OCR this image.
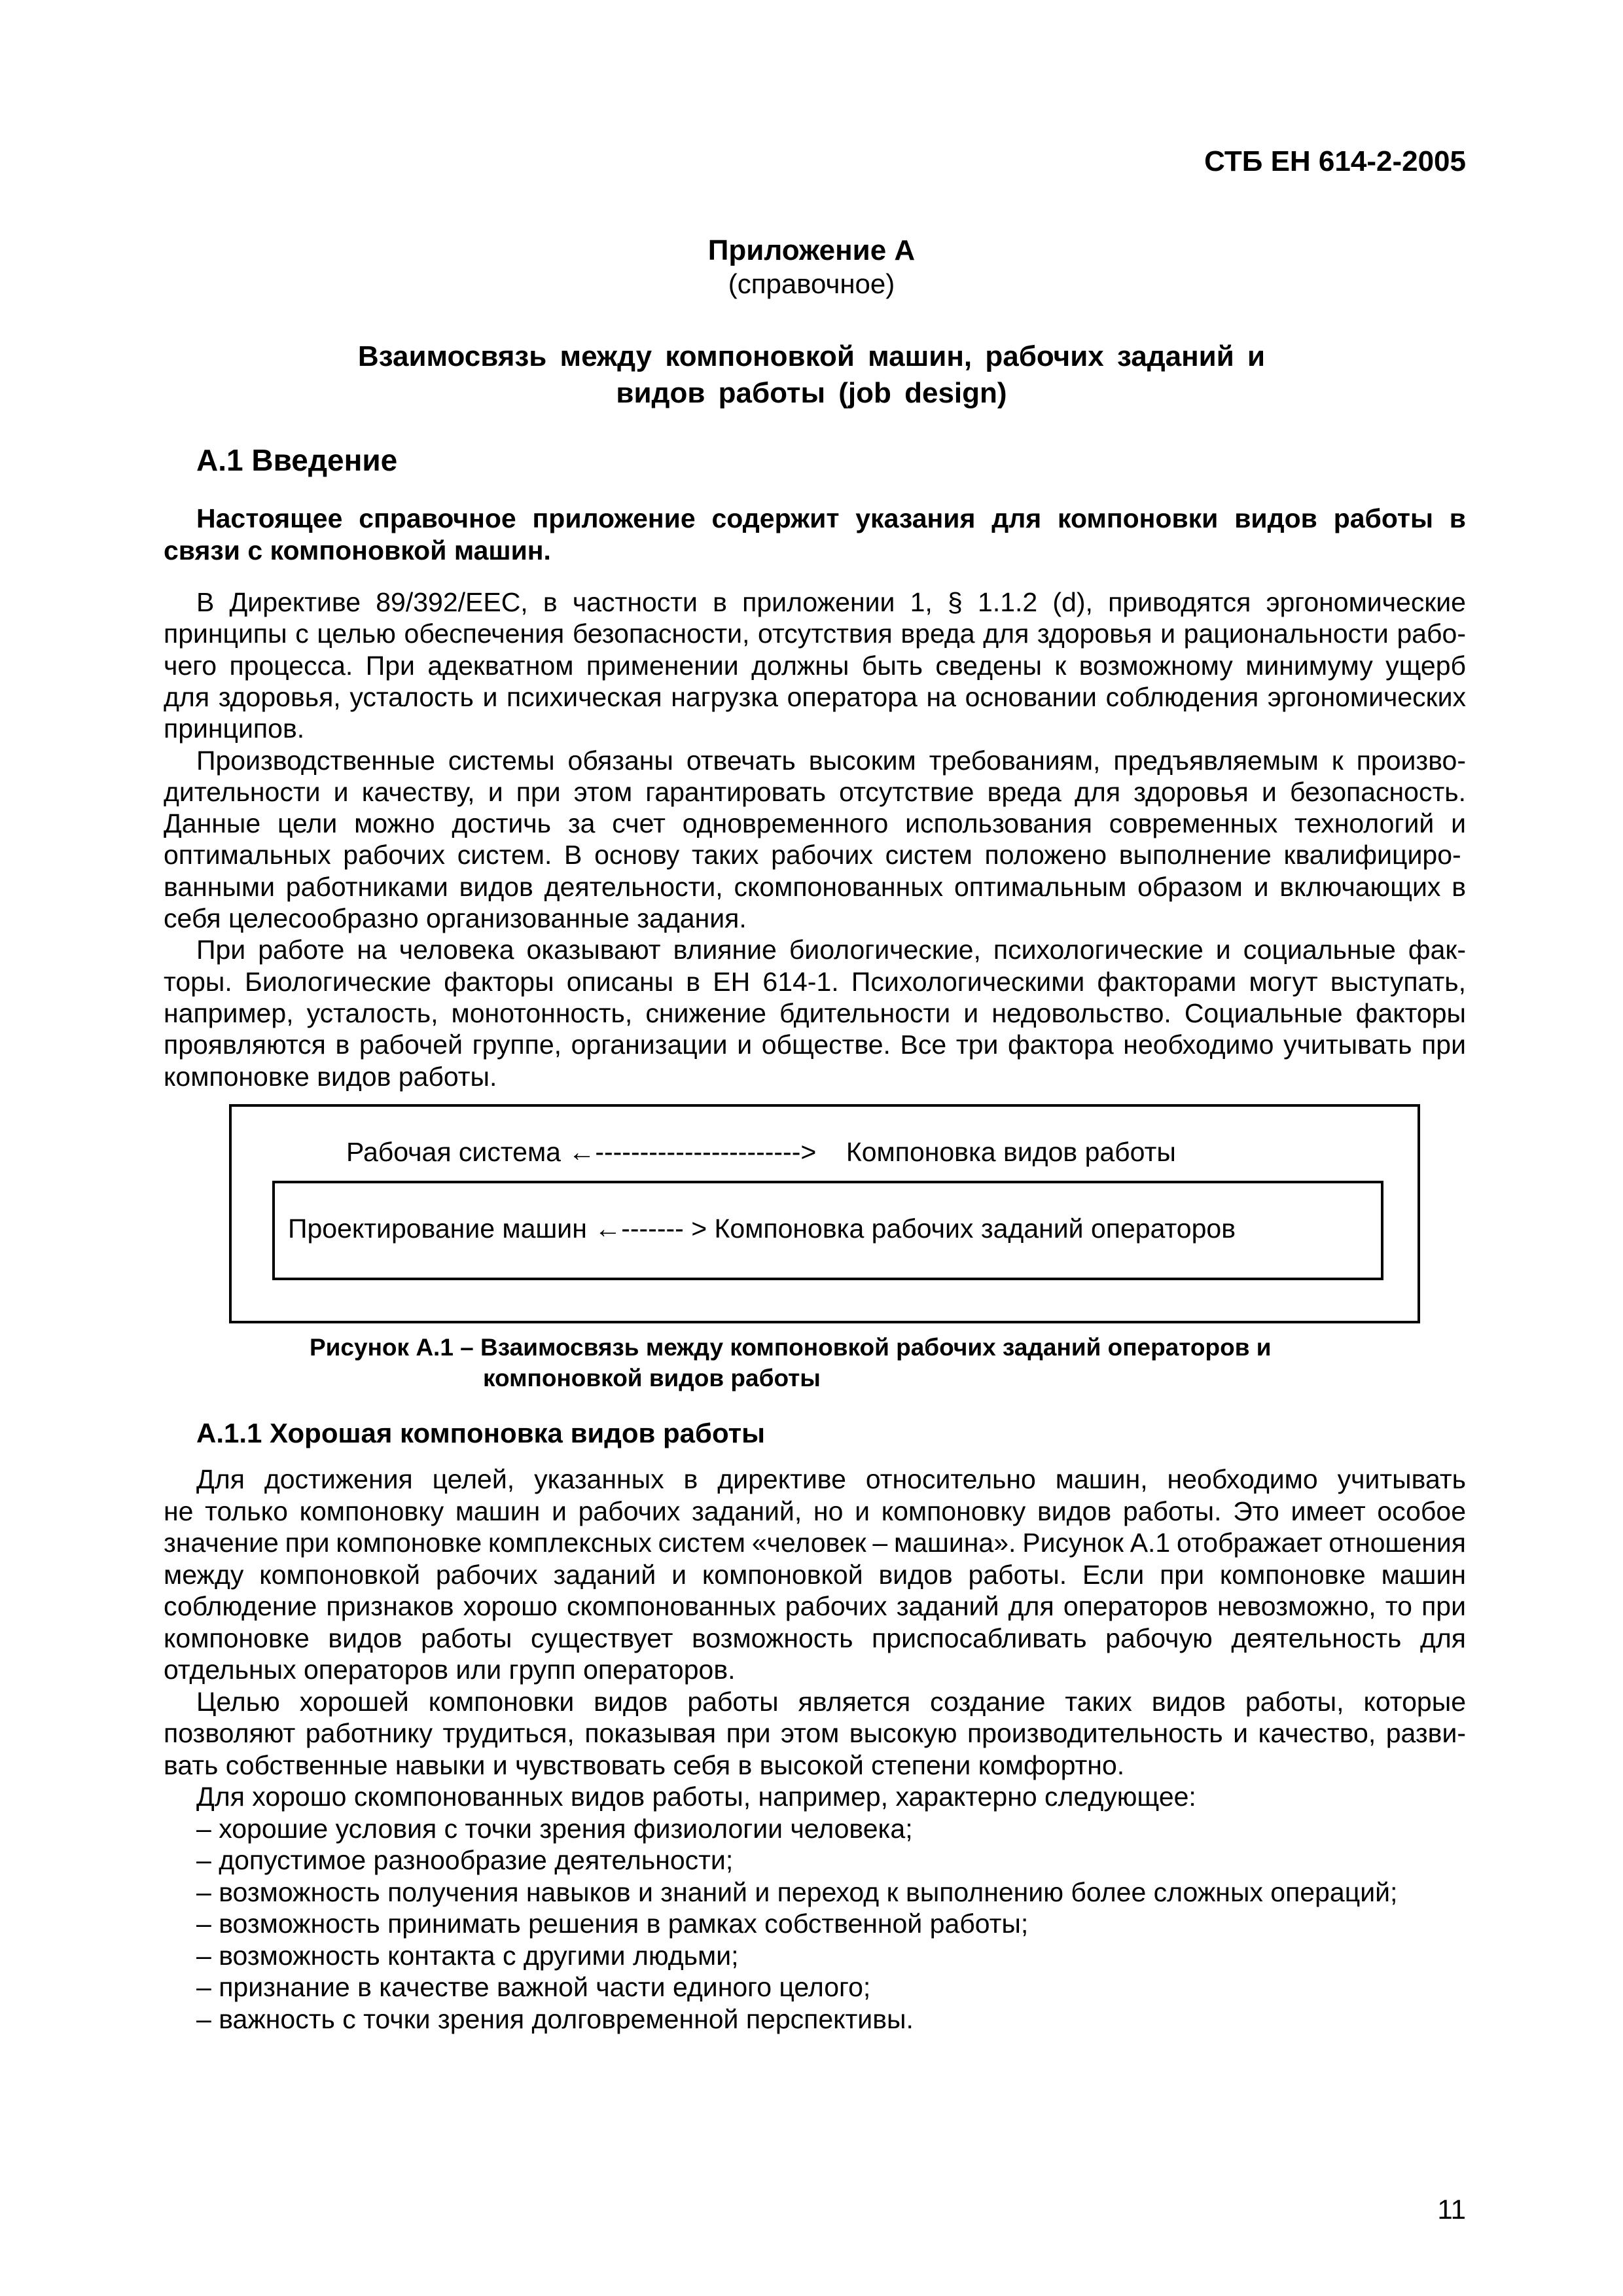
СТБ ЕН 614-2-2005
Приложение А
(справочное)
Взаимосвязь между компоновкой машин, рабочих заданий и
видов работы (job design)
А.1 Введение
Настоящее справочное приложение содержит указания для компоновки видов работы в
связи с компоновкой машин.
В Директиве 89/392/EEC, в частности в приложении 1, § 1.1.2 (d), приводятся эргономические
принципы с целью обеспечения безопасности, отсутствия вреда для здоровья и рациональности рабо-
чего процесса. При адекватном применении должны быть сведены к возможному минимуму ущерб
для здоровья, усталость и психическая нагрузка оператора на основании соблюдения эргономических
принципов.
Производственные системы обязаны отвечать высоким требованиям, предъявляемым к произво-
дительности и качеству, и при этом гарантировать отсутствие вреда для здоровья и безопасность.
Данные цели можно достичь за счет одновременного использования современных технологий и
оптимальных рабочих систем. В основу таких рабочих систем положено выполнение квалифициро-
ванными работниками видов деятельности, скомпонованных оптимальным образом и включающих в
себя целесообразно организованные задания.
При работе на человека оказывают влияние биологические, психологические и социальные фак-
торы. Биологические факторы описаны в ЕН 614-1. Психологическими факторами могут выступать,
например, усталость, монотонность, снижение бдительности и недовольство. Социальные факторы
проявляются в рабочей группе, организации и обществе. Все три фактора необходимо учитывать при
компоновке видов работы.
Рабочая система ←----------------------->    Компоновка видов работы
Проектирование машин ←------- > Компоновка рабочих заданий операторов
Рисунок А.1 – Взаимосвязь между компоновкой рабочих заданий операторов и
компоновкой видов работы
А.1.1 Хорошая компоновка видов работы
Для достижения целей, указанных в директиве относительно машин, необходимо учитывать
не только компоновку машин и рабочих заданий, но и компоновку видов работы. Это имеет особое
значение при компоновке комплексных систем «человек – машина». Рисунок А.1 отображает отношения
между компоновкой рабочих заданий и компоновкой видов работы. Если при компоновке машин
соблюдение признаков хорошо скомпонованных рабочих заданий для операторов невозможно, то при
компоновке видов работы существует возможность приспосабливать рабочую деятельность для
отдельных операторов или групп операторов.
Целью хорошей компоновки видов работы является создание таких видов работы, которые
позволяют работнику трудиться, показывая при этом высокую производительность и качество, разви-
вать собственные навыки и чувствовать себя в высокой степени комфортно.
Для хорошо скомпонованных видов работы, например, характерно следующее:
– хорошие условия с точки зрения физиологии человека;
– допустимое разнообразие деятельности;
– возможность получения навыков и знаний и переход к выполнению более сложных операций;
– возможность принимать решения в рамках собственной работы;
– возможность контакта с другими людьми;
– признание в качестве важной части единого целого;
– важность с точки зрения долговременной перспективы.
11
